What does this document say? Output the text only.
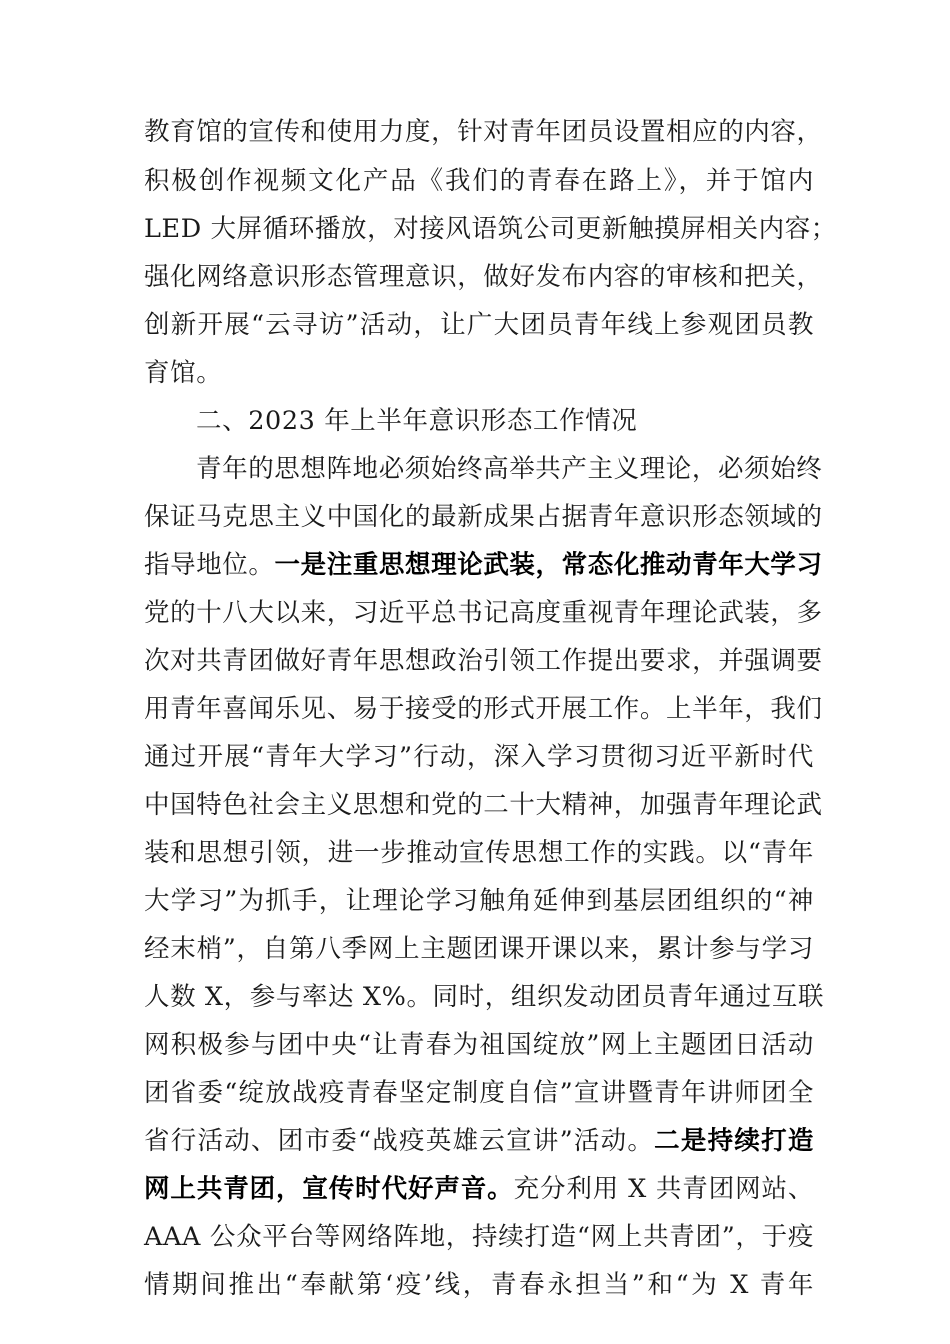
教育馆的宣传和使用力度，针对青年团员设置相应的内容，
积极创作视频文化产品《我们的青春在路上》，并于馆内
LED 大屏循环播放，对接风语筑公司更新触摸屏相关内容；
强化网络意识形态管理意识，做好发布内容的审核和把关，
创新开展“云寻访”活动，让广大团员青年线上参观团员教
育馆。
二、2023 年上半年意识形态工作情况
青年的思想阵地必须始终高举共产主义理论，必须始终
保证马克思主义中国化的最新成果占据青年意识形态领域的
指导地位。一是注重思想理论武装，常态化推动青年大学习
党的十八大以来，习近平总书记高度重视青年理论武装，多
次对共青团做好青年思想政治引领工作提出要求，并强调要
用青年喜闻乐见、易于接受的形式开展工作。上半年，我们
通过开展“青年大学习”行动，深入学习贯彻习近平新时代
中国特色社会主义思想和党的二十大精神，加强青年理论武
装和思想引领，进一步推动宣传思想工作的实践。以“青年
大学习”为抓手，让理论学习触角延伸到基层团组织的“神
经末梢”，自第八季网上主题团课开课以来，累计参与学习
人数 X，参与率达 X%。同时，组织发动团员青年通过互联
网积极参与团中央“让青春为祖国绽放”网上主题团日活动
团省委“绽放战疫青春坚定制度自信”宣讲暨青年讲师团全
省行活动、团市委“战疫英雄云宣讲”活动。二是持续打造
网上共青团，宣传时代好声音。充分利用 X 共青团网站、
AAA 公众平台等网络阵地，持续打造“网上共青团”，于疫
情期间推出“奉献第‘疫’线，青春永担当”和“为 X 青年
